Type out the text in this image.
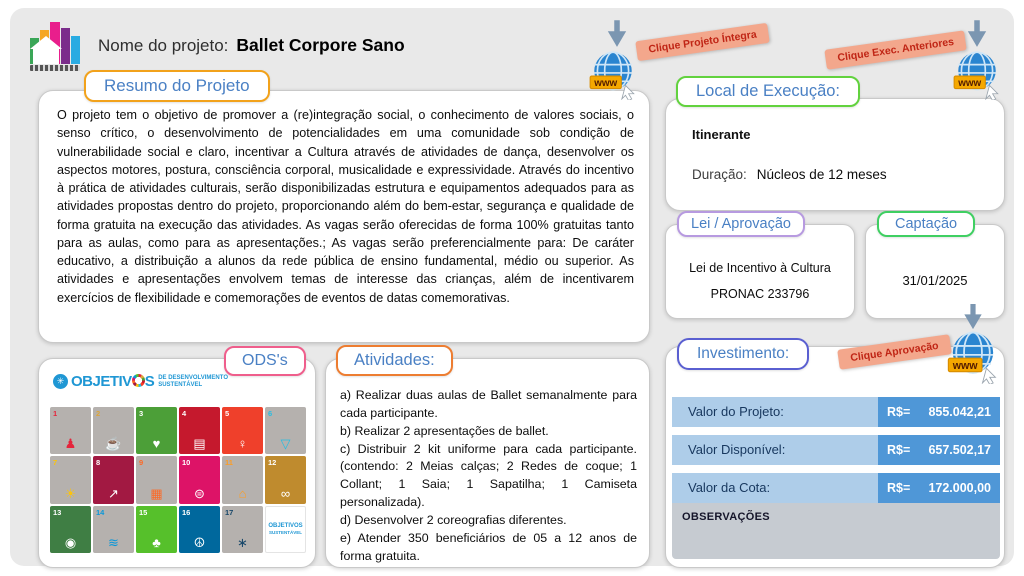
Nome do projeto: Ballet Corpore Sano
O projeto tem o objetivo de promover a (re)integração social, o conhecimento de valores sociais, o senso crítico, o desenvolvimento de potencialidades em uma comunidade sob condição de vulnerabilidade social e claro, incentivar a Cultura através de atividades de dança, desenvolver os aspectos motores, postura, consciência corporal, musicalidade e expressividade. Através do incentivo à prática de atividades culturais, serão disponibilizadas estrutura e equipamentos adequados para as atividades propostas dentro do projeto, proporcionando além do bem-estar, segurança e qualidade de forma gratuita na execução das atividades. As vagas serão oferecidas de forma 100% gratuitas tanto para as aulas, como para as apresentações.; As vagas serão preferencialmente para: De caráter educativo, a distribuição a alunos da rede pública de ensino fundamental, médio ou superior. As atividades e apresentações envolvem temas de interesse das crianças, além de incentivarem exercícios de flexibilidade e comemorações de eventos de datas comemorativas.
Resumo do Projeto	www
Clique Projeto Íntegra
www
Clique Exec. Anteriores
Itinerante
Duração: Núcleos de 12 meses
Local de Execução:
Lei de Incentivo à Cultura
PRONAC 233796
Lei / Aprovação
31/01/2025
Captação
www
Clique Aprovação
Valor do Projeto:	R$= 855.042,21
Valor Disponível:	R$= 657.502,17
Valor da Cota:	R$= 172.000,00
OBSERVAÇÕES
Investimento:
✳ OBJETIV S DE DESENVOLVIMENTO
SUSTENTÁVEL
1
♟
2
☕
3
♥
4
▤
5
♀
6
▽
7
☀
8
↗
9
▦
10
⊜
11
⌂
12
∞
13
◉
14
≋
15
♣
16
☮
17
∗
OBJETIVOS
SUSTENTÁVEL
ODS's
a) Realizar duas aulas de Ballet semanalmente para cada participante.
b) Realizar 2 apresentações de ballet.
c) Distribuir 2 kit uniforme para cada participante. (contendo: 2 Meias calças; 2 Redes de coque; 1 Collant; 1 Saia; 1 Sapatilha; 1 Camiseta personalizada).
d) Desenvolver 2 coreografias diferentes.
e) Atender 350 beneficiários de 05 a 12 anos de forma gratuita.
Atividades:
